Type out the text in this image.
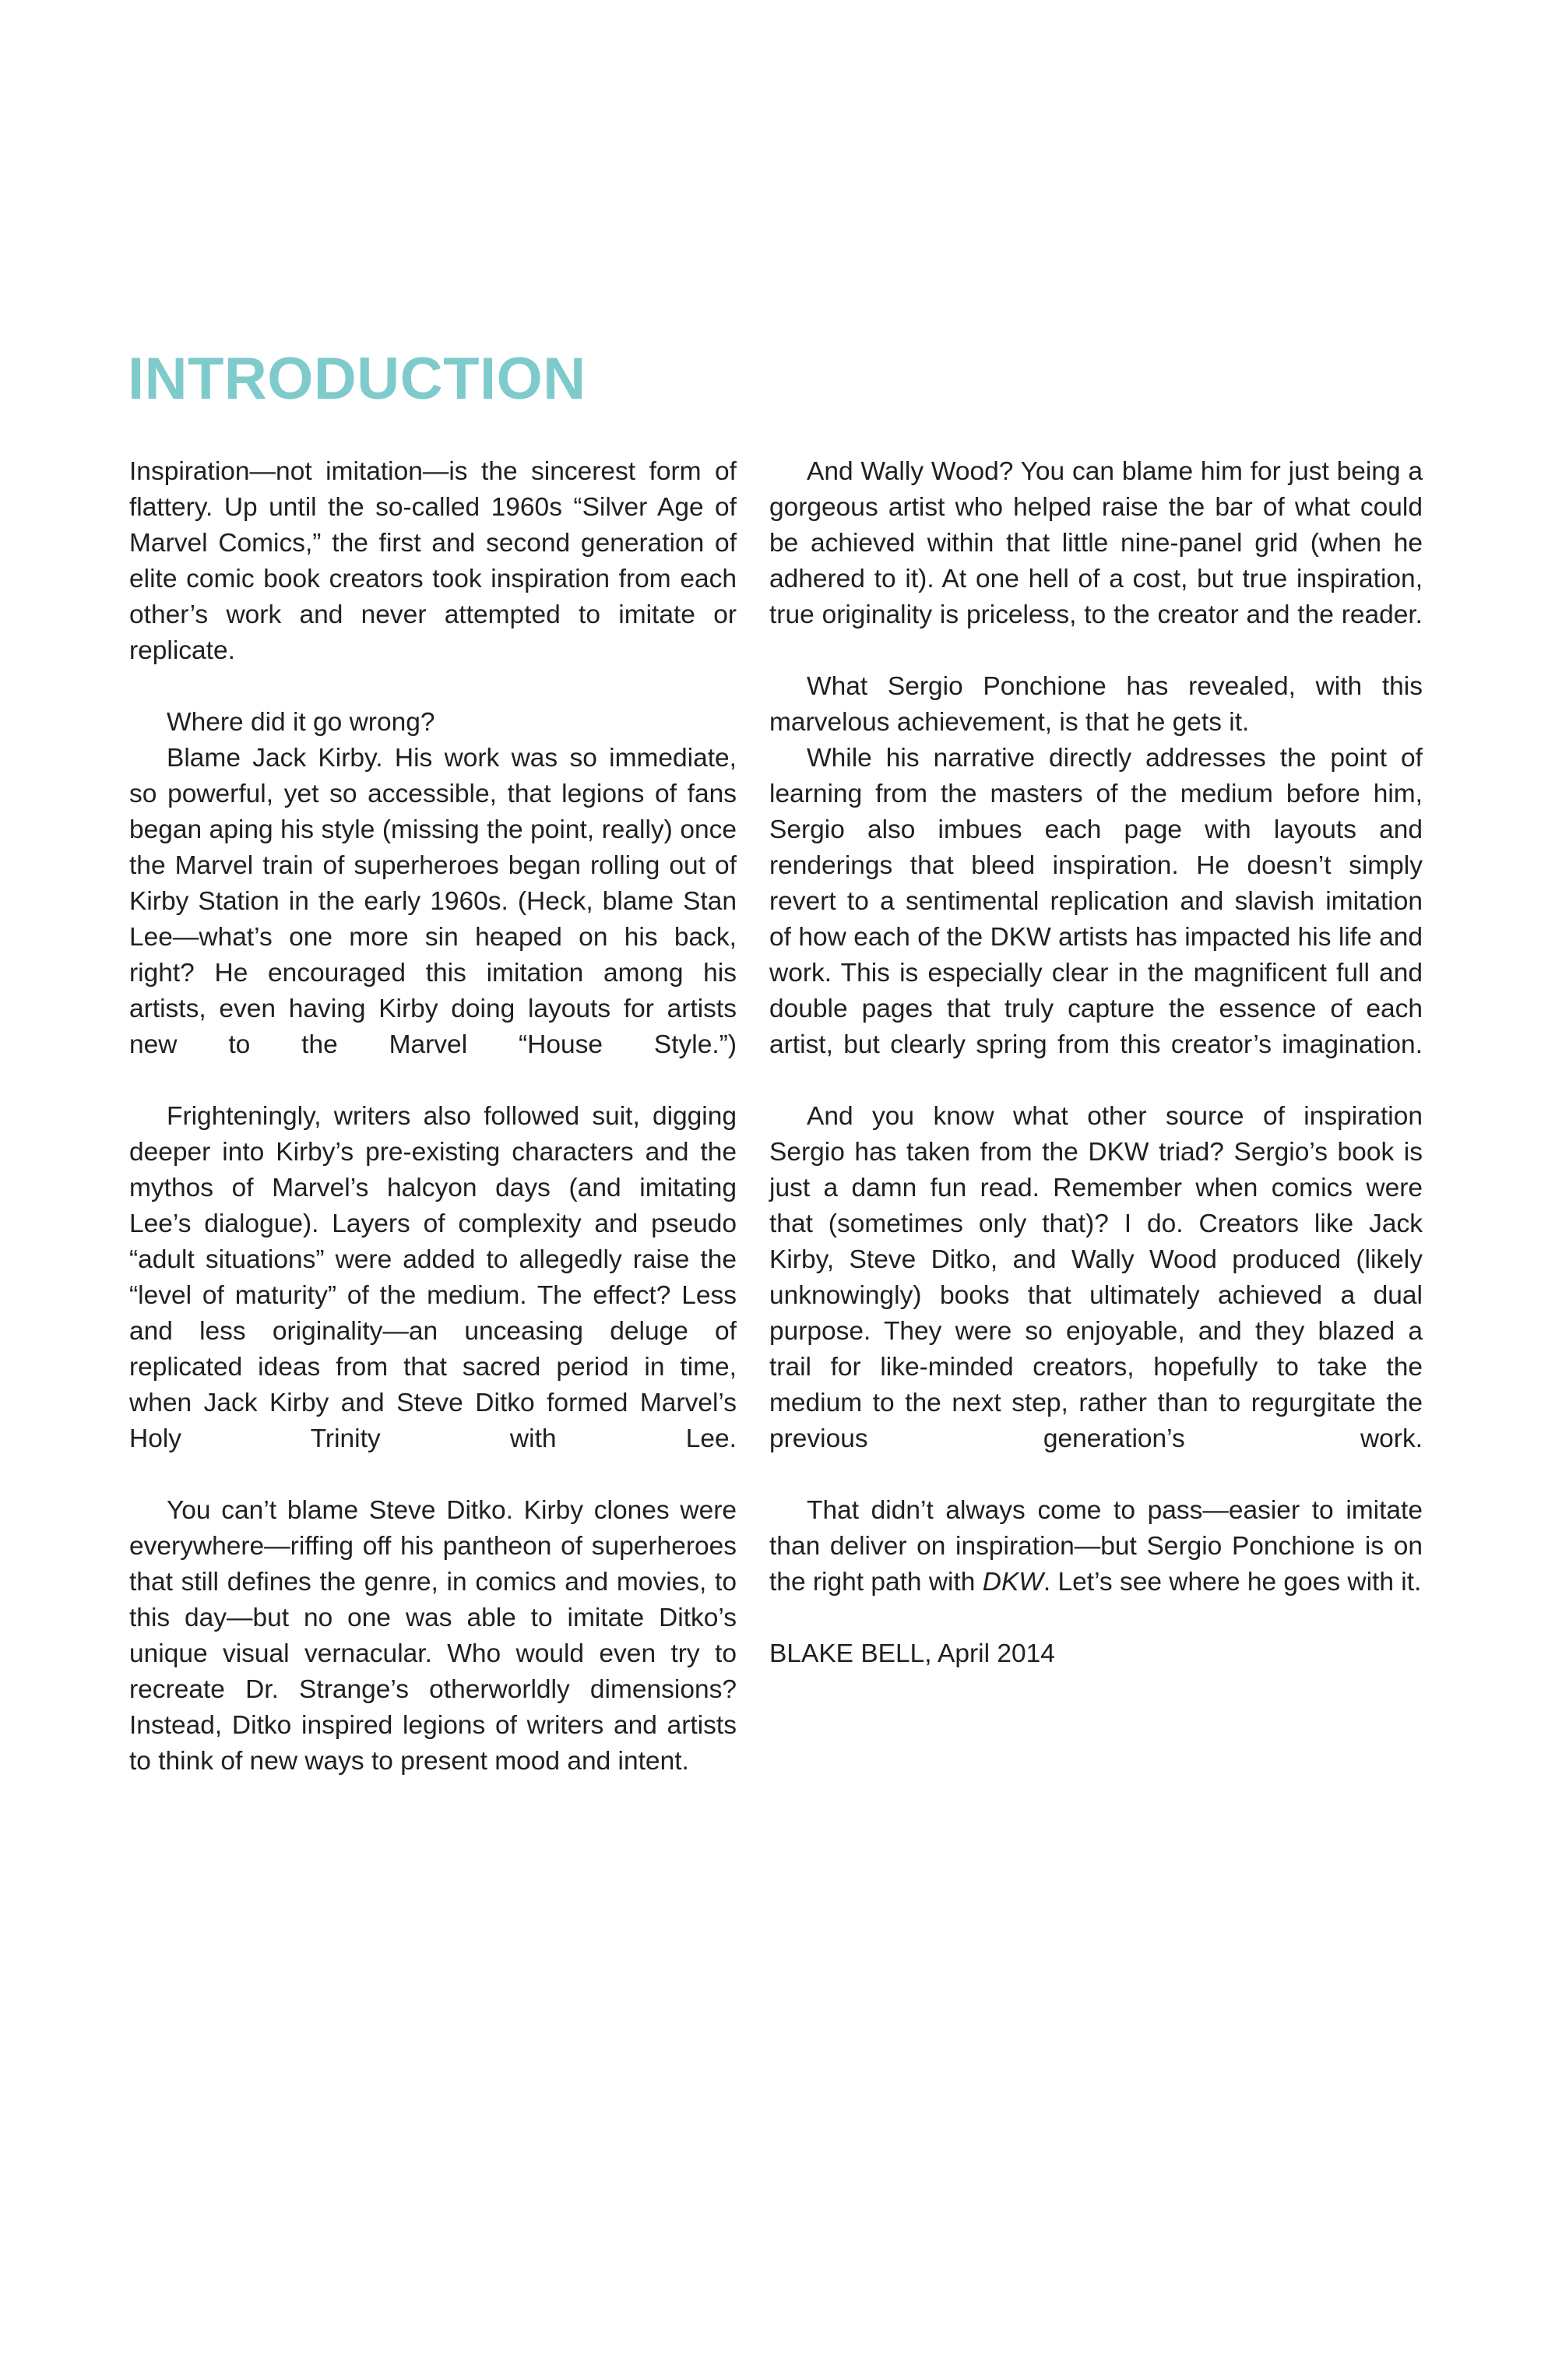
INTRODUCTION

Inspiration—not imitation—is the sincerest form of flattery. Up until the so-called 1960s “Silver Age of Marvel Comics,” the first and second generation of elite comic book creators took inspiration from each other’s work and never attempted to imitate or replicate.

Where did it go wrong?

Blame Jack Kirby. His work was so immediate, so powerful, yet so accessible, that legions of fans began aping his style (missing the point, really) once the Marvel train of superheroes began rolling out of Kirby Station in the early 1960s. (Heck, blame Stan Lee—what’s one more sin heaped on his back, right? He encouraged this imitation among his artists, even having Kirby doing layouts for artists new to the Marvel “House Style.”)

Frighteningly, writers also followed suit, digging deeper into Kirby’s pre-existing characters and the mythos of Marvel’s halcyon days (and imitating Lee’s dialogue). Layers of complexity and pseudo “adult situations” were added to allegedly raise the “level of maturity” of the medium. The effect? Less and less originality—an unceasing deluge of replicated ideas from that sacred period in time, when Jack Kirby and Steve Ditko formed Marvel’s Holy Trinity with Lee.

You can’t blame Steve Ditko. Kirby clones were everywhere—riffing off his pantheon of superheroes that still defines the genre, in comics and movies, to this day—but no one was able to imitate Ditko’s unique visual vernacular. Who would even try to recreate Dr. Strange’s otherworldly dimensions? Instead, Ditko inspired legions of writers and artists to think of new ways to present mood and intent.

And Wally Wood? You can blame him for just being a gorgeous artist who helped raise the bar of what could be achieved within that little nine-panel grid (when he adhered to it). At one hell of a cost, but true inspiration, true originality is priceless, to the creator and the reader.

What Sergio Ponchione has revealed, with this marvelous achievement, is that he gets it.

While his narrative directly addresses the point of learning from the masters of the medium before him, Sergio also imbues each page with layouts and renderings that bleed inspiration. He doesn’t simply revert to a sentimental replication and slavish imitation of how each of the DKW artists has impacted his life and work. This is especially clear in the magnificent full and double pages that truly capture the essence of each artist, but clearly spring from this creator’s imagination.

And you know what other source of inspiration Sergio has taken from the DKW triad? Sergio’s book is just a damn fun read. Remember when comics were that (sometimes only that)? I do. Creators like Jack Kirby, Steve Ditko, and Wally Wood produced (likely unknowingly) books that ultimately achieved a dual purpose. They were so enjoyable, and they blazed a trail for like-minded creators, hopefully to take the medium to the next step, rather than to regurgitate the previous generation’s work.

That didn’t always come to pass—easier to imitate than deliver on inspiration—but Sergio Ponchione is on the right path with DKW. Let’s see where he goes with it.

BLAKE BELL, April 2014
